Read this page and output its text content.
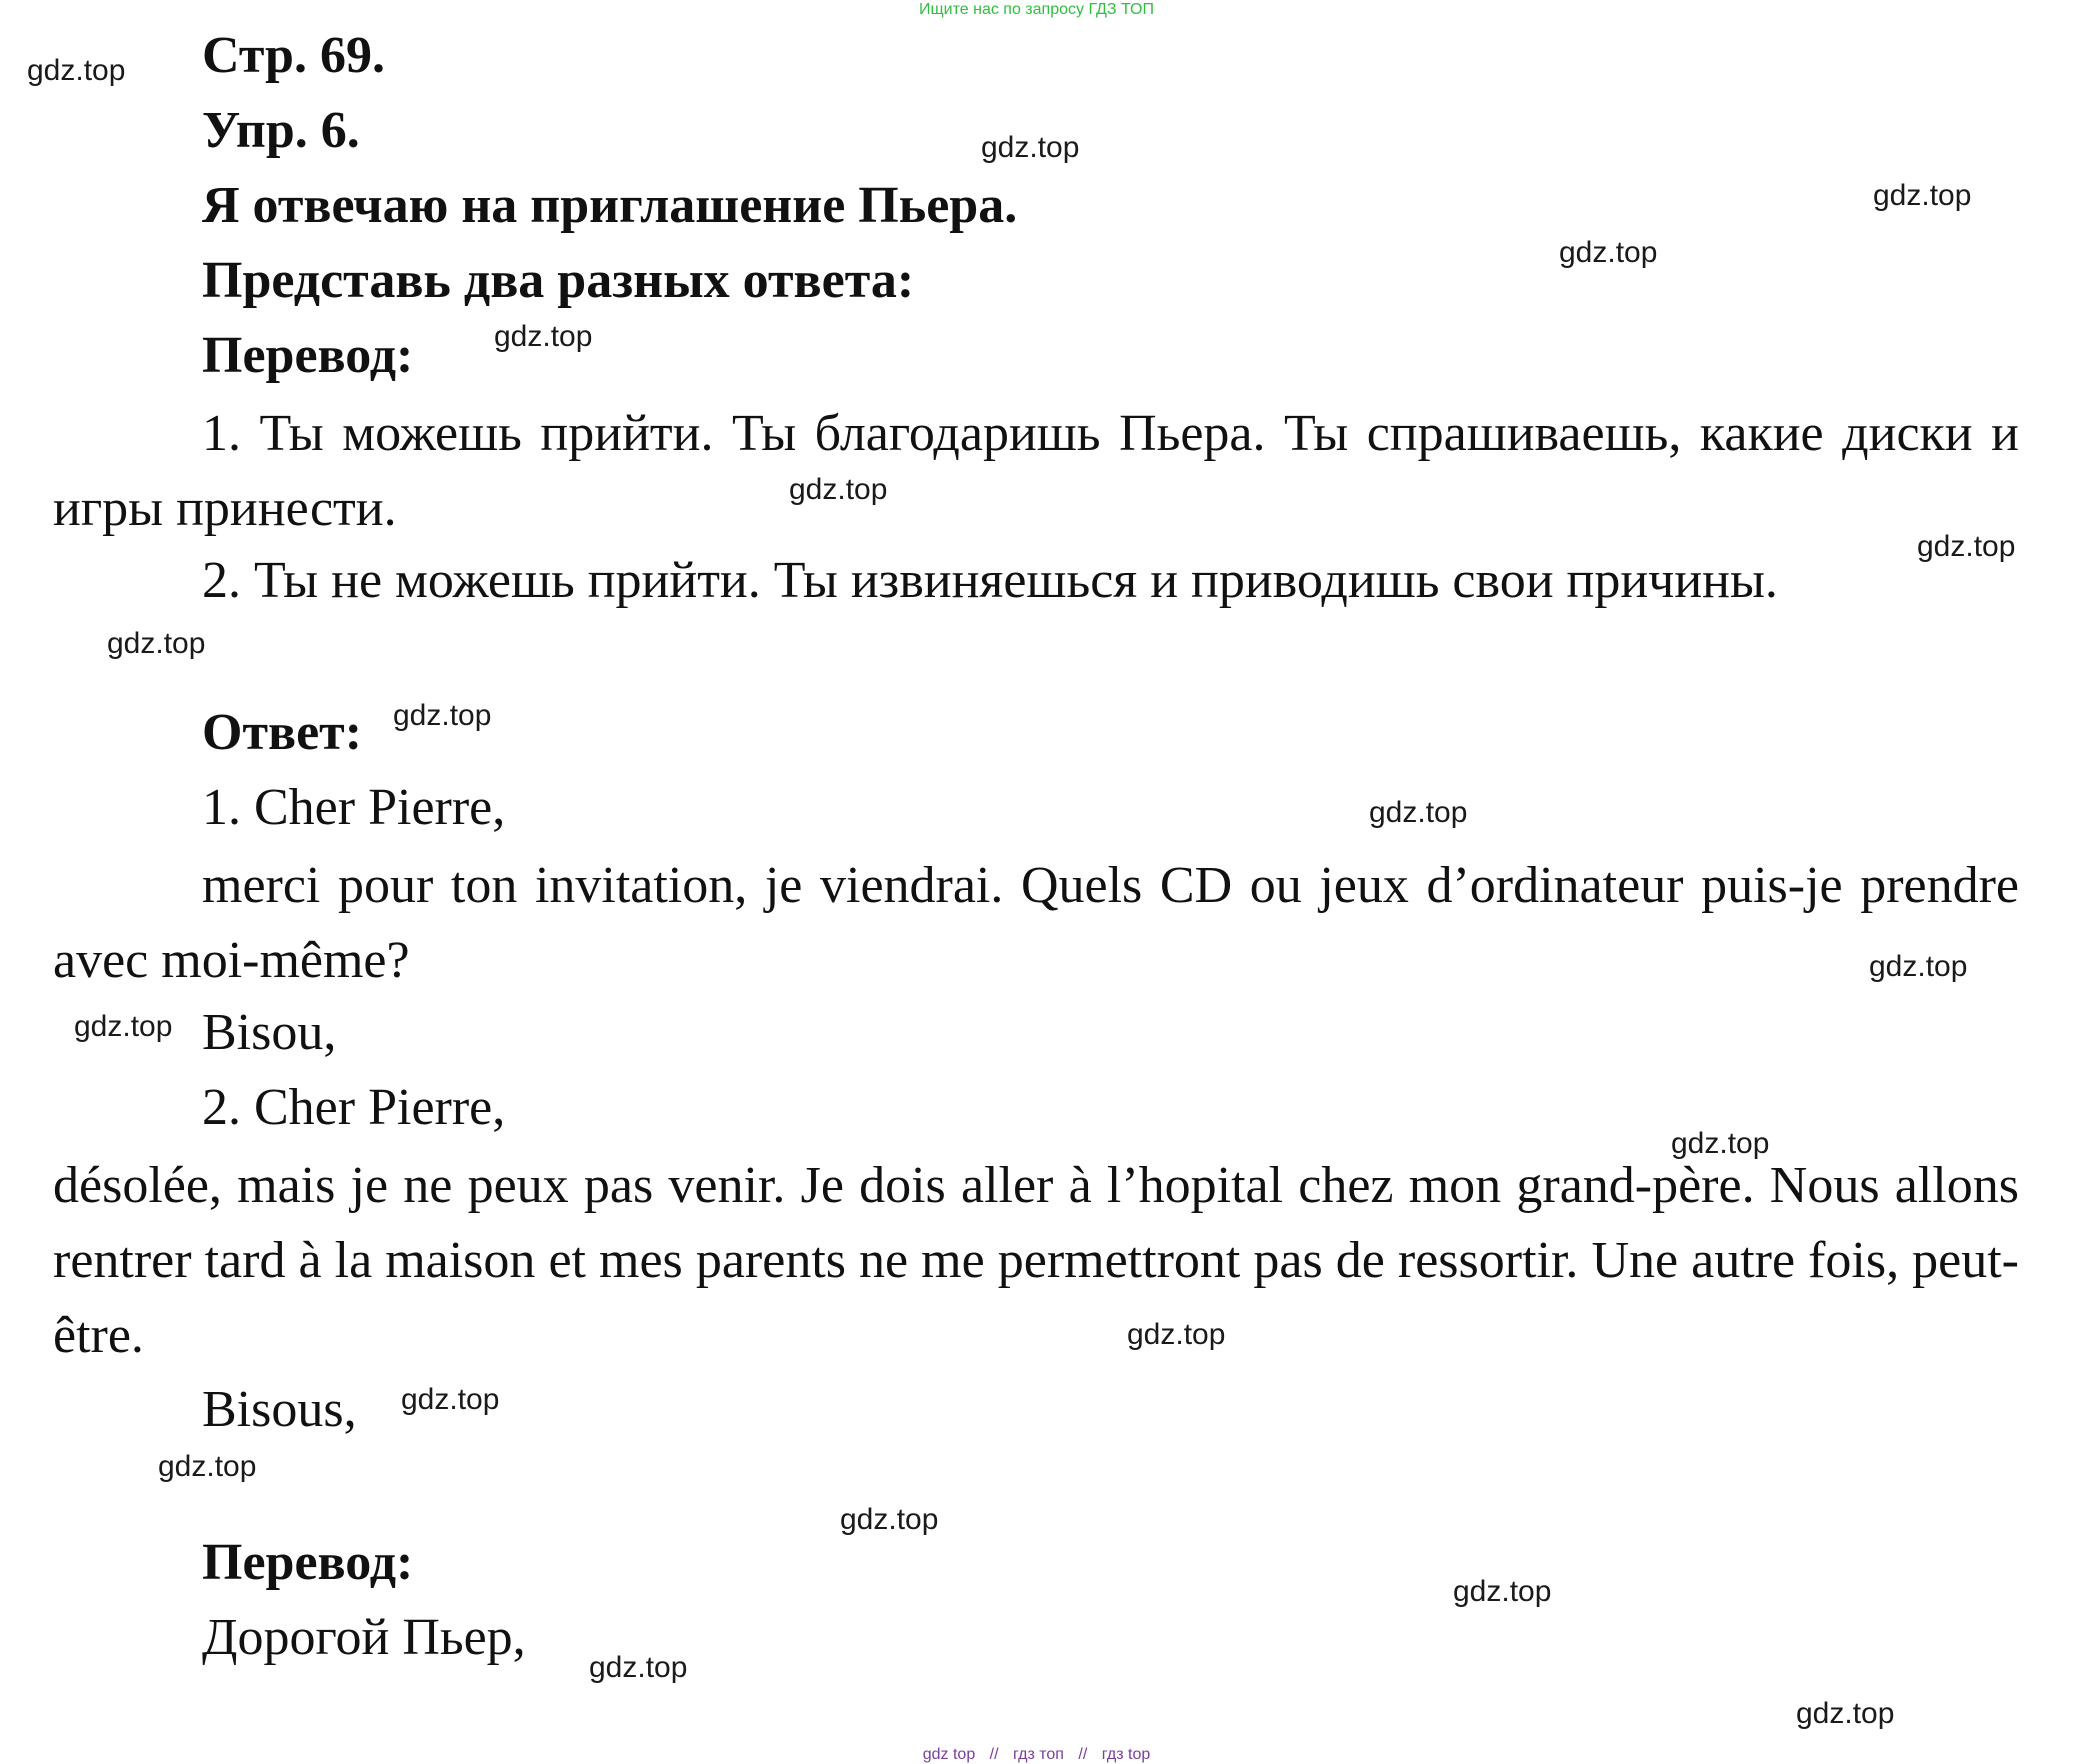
Ищите нас по запросу ГДЗ ТОП
Стр. 69.
Упр. 6.
Я отвечаю на приглашение Пьера.
Представь два разных ответа:
Перевод:
1. Ты можешь прийти. Ты благодаришь Пьера. Ты спрашиваешь, какие диски и игры принести.
2. Ты не можешь прийти. Ты извиняешься и приводишь свои причины.
Ответ:
1. Cher Pierre,
merci pour ton invitation, je viendrai. Quels CD ou jeux d’ordinateur puis-je prendre avec moi-même?
Bisou,
2. Cher Pierre,
désolée, mais je ne peux pas venir. Je dois aller à l’hopital chez mon grand-père. Nous allons rentrer tard à la maison et mes parents ne me permettront pas de ressortir. Une autre fois, peut-être.
Bisous,
Перевод:
Дорогой Пьер,
gdz.top
gdz.top
gdz.top
gdz.top
gdz.top
gdz.top
gdz.top
gdz.top
gdz.top
gdz.top
gdz.top
gdz.top
gdz.top
gdz.top
gdz.top
gdz.top
gdz.top
gdz.top
gdz.top
gdz.top
gdz top // гдз топ // гдз top
